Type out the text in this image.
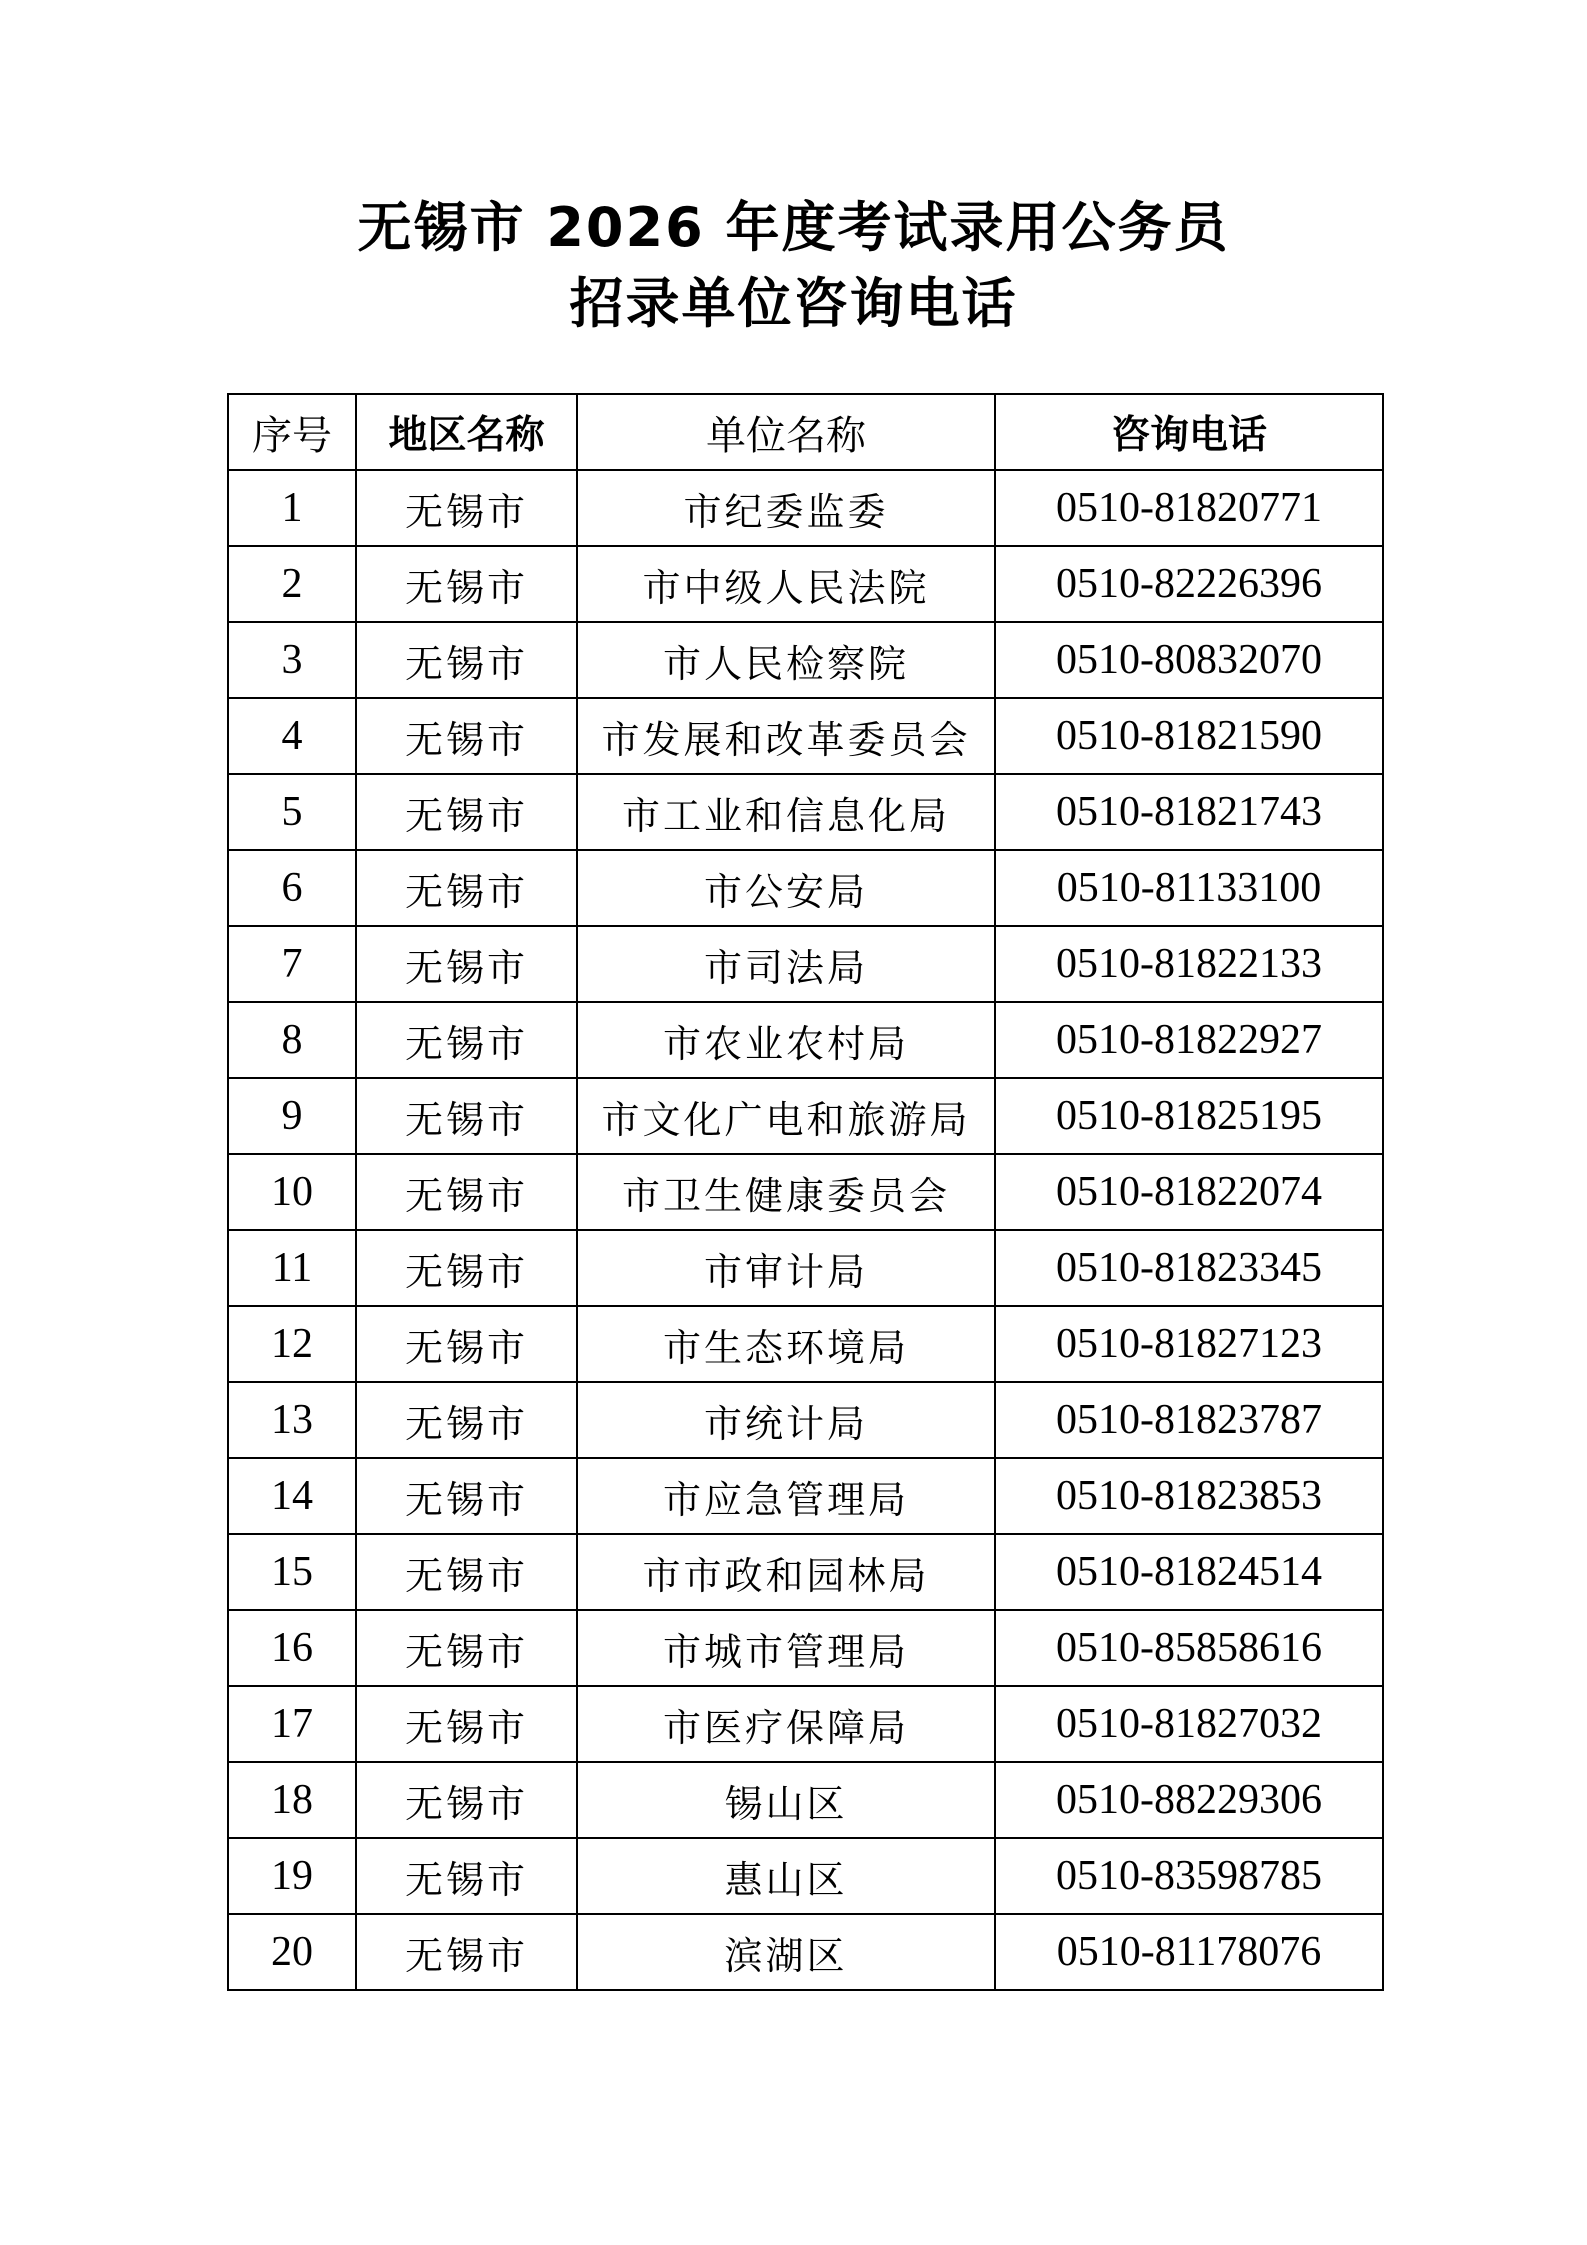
无锡市 2026 年度考试录用公务员
招录单位咨询电话
序号	地区名称	单位名称	咨询电话
1	无锡市	市纪委监委	0510-81820771
2	无锡市	市中级人民法院	0510-82226396
3	无锡市	市人民检察院	0510-80832070
4	无锡市	市发展和改革委员会	0510-81821590
5	无锡市	市工业和信息化局	0510-81821743
6	无锡市	市公安局	0510-81133100
7	无锡市	市司法局	0510-81822133
8	无锡市	市农业农村局	0510-81822927
9	无锡市	市文化广电和旅游局	0510-81825195
10	无锡市	市卫生健康委员会	0510-81822074
11	无锡市	市审计局	0510-81823345
12	无锡市	市生态环境局	0510-81827123
13	无锡市	市统计局	0510-81823787
14	无锡市	市应急管理局	0510-81823853
15	无锡市	市市政和园林局	0510-81824514
16	无锡市	市城市管理局	0510-85858616
17	无锡市	市医疗保障局	0510-81827032
18	无锡市	锡山区	0510-88229306
19	无锡市	惠山区	0510-83598785
20	无锡市	滨湖区	0510-81178076
